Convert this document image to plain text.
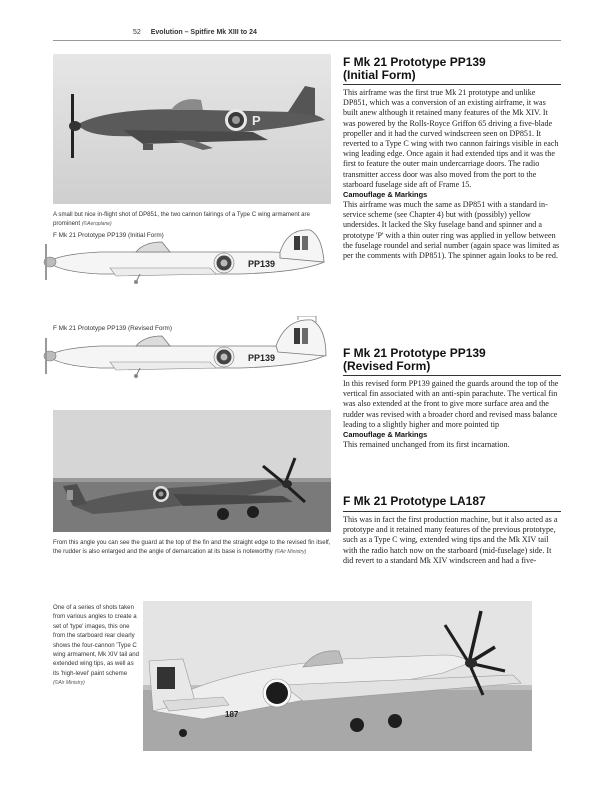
52 Evolution – Spitfire Mk XIII to 24
P
A small but nice in-flight shot of DP851, the two cannon fairings of a Type C wing armament are prominent (©Aeroplane)
F Mk 21 Prototype PP139 (Initial Form)
PP139
F Mk 21 Prototype PP139 (Revised Form)
PP139
From this angle you can see the guard at the top of the fin and the straight edge to the revised fin itself, the rudder is also enlarged and the angle of demarcation at its base is noteworthy (©Air Ministry)
One of a series of shots taken from various angles to create a set of 'type' images, this one from the starboard rear clearly shows the four-cannon 'Type C wing armament, Mk XIV tail and extended wing tips, as well as its 'high-level' paint scheme (©Air Ministry)
187
F Mk 21 Prototype PP139
(Initial Form)

This airframe was the first true Mk 21 prototype and unlike DP851, which was a conversion of an existing airframe, it was built anew although it retained many features of the Mk XIV. It was powered by the Rolls-Royce Griffon 65 driving a five-blade propeller and it had the curved windscreen seen on DP851. It reverted to a Type C wing with two cannon fairings visible in each wing leading edge. Once again it had extended tips and it was the first to feature the outer main undercarriage doors. The radio transmitter access door was also moved from the port to the starboard fuselage side aft of Frame 15.

Camouflage & Markings

This airframe was much the same as DP851 with a standard in-service scheme (see Chapter 4) but with (possibly) yellow undersides. It lacked the Sky fuselage band and spinner and a prototype 'P' with a thin outer ring was applied in yellow between the fuselage roundel and serial number (again space was limited as per the comments with DP851). The spinner again looks to be red.

F Mk 21 Prototype PP139
(Revised Form)

In this revised form PP139 gained the guards around the top of the vertical fin associated with an anti-spin parachute. The vertical fin was also extended at the front to give more surface area and the rudder was revised with a broader chord and revised mass balance leading to a slightly higher and more pointed tip

Camouflage & Markings

This remained unchanged from its first incarnation.

F Mk 21 Prototype LA187

This was in fact the first production machine, but it also acted as a prototype and it retained many features of the previous prototype, such as a Type C wing, extended wing tips and the Mk XIV tail with the radio hatch now on the starboard (mid-fuselage) side. It did revert to a standard Mk XIV windscreen and had a five-
